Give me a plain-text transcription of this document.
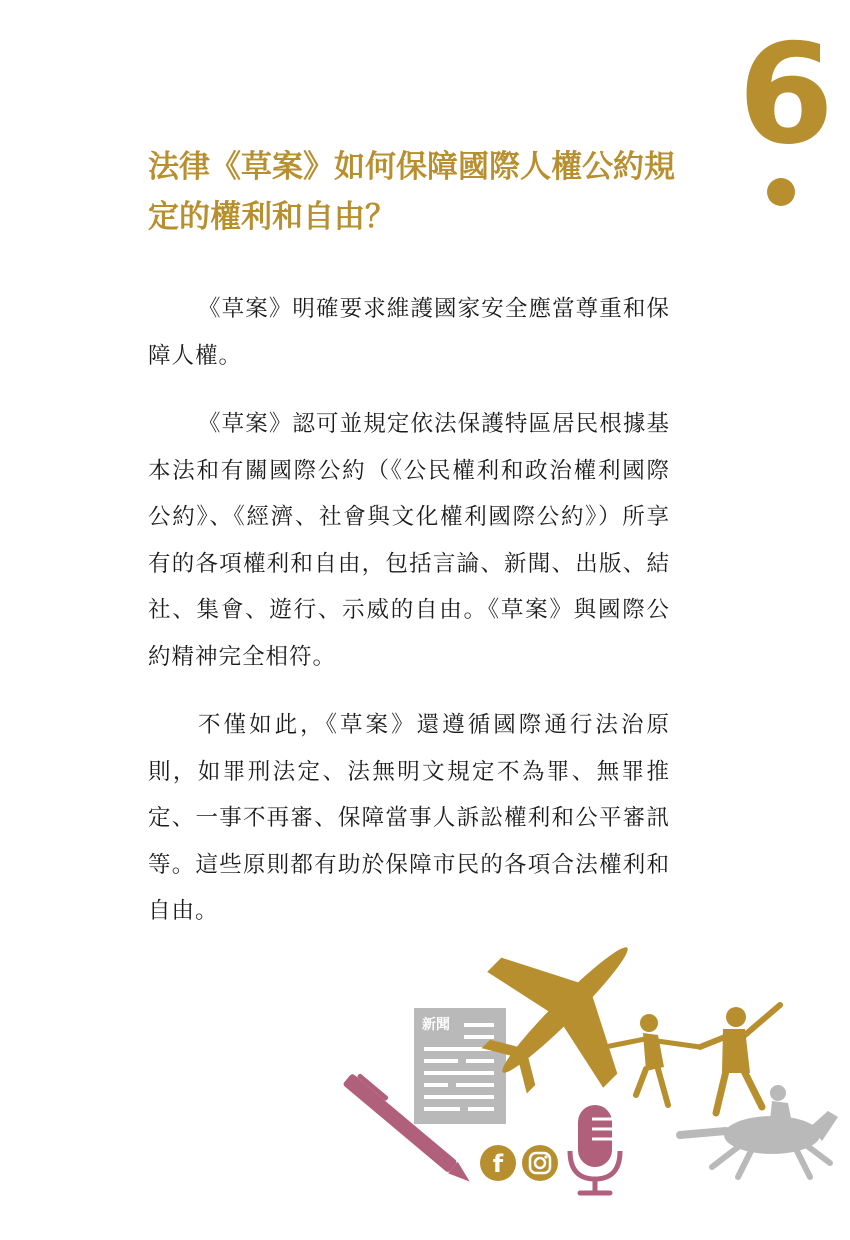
6
法律《草案》如何保障國際人權公約規定的權利和自由？

《草案》明確要求維護國家安全應當尊重和保障人權。

《草案》認可並規定依法保護特區居民根據基本法和有關國際公約（《公民權利和政治權利國際公約》、《經濟、社會與文化權利國際公約》）所享有的各項權利和自由，包括言論、新聞、出版、結社、集會、遊行、示威的自由。《草案》與國際公約精神完全相符。

不僅如此，《草案》還遵循國際通行法治原則，如罪刑法定、法無明文規定不為罪、無罪推定、一事不再審、保障當事人訴訟權利和公平審訊等。這些原則都有助於保障市民的各項合法權利和自由。

新聞
f
